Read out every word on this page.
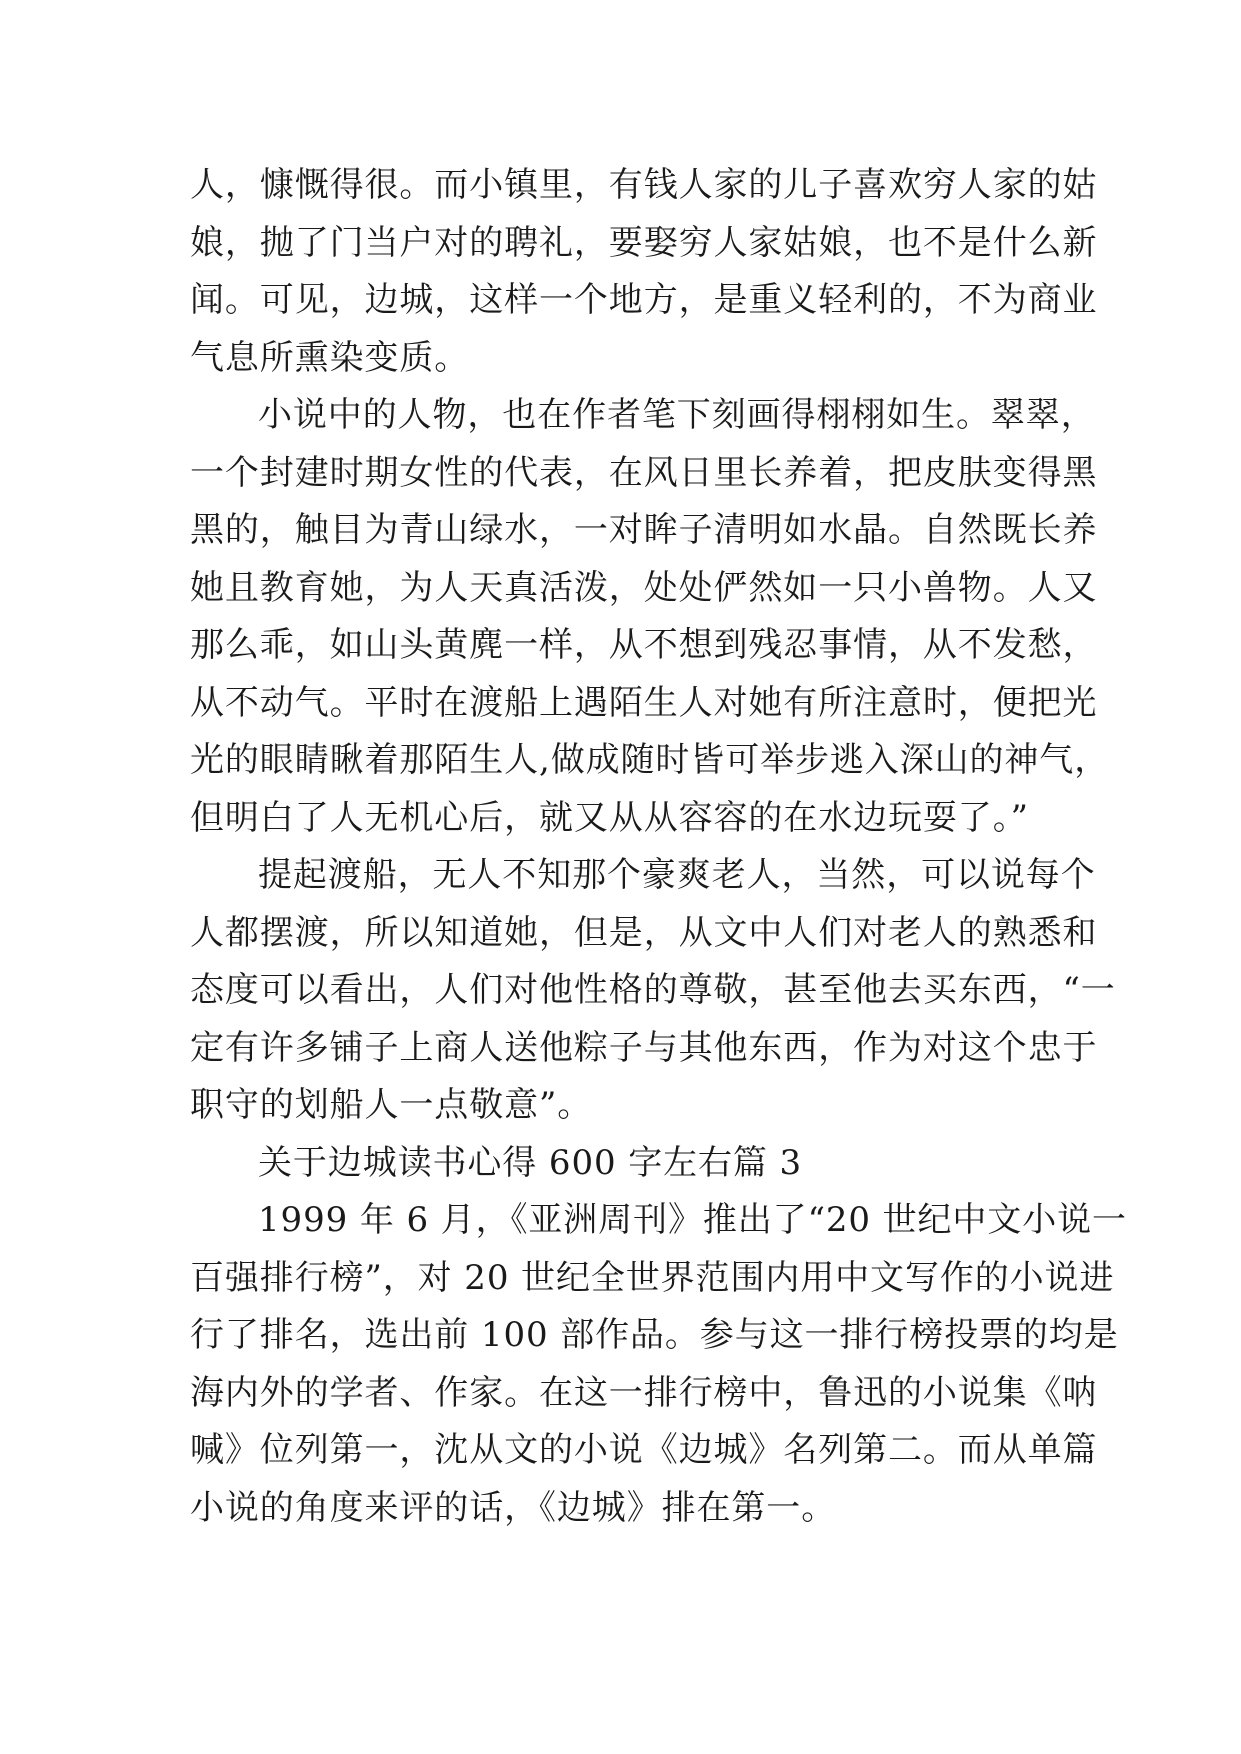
人，慷慨得很。而小镇里，有钱人家的儿子喜欢穷人家的姑
娘，抛了门当户对的聘礼，要娶穷人家姑娘，也不是什么新
闻。可见，边城，这样一个地方，是重义轻利的，不为商业
气息所熏染变质。

小说中的人物，也在作者笔下刻画得栩栩如生。翠翠，
一个封建时期女性的代表，在风日里长养着，把皮肤变得黑
黑的，触目为青山绿水，一对眸子清明如水晶。自然既长养
她且教育她，为人天真活泼，处处俨然如一只小兽物。人又
那么乖，如山头黄麂一样，从不想到残忍事情，从不发愁，
从不动气。平时在渡船上遇陌生人对她有所注意时，便把光
光的眼睛瞅着那陌生人,做成随时皆可举步逃入深山的神气，
但明白了人无机心后，就又从从容容的在水边玩耍了。”

提起渡船，无人不知那个豪爽老人，当然，可以说每个
人都摆渡，所以知道她，但是，从文中人们对老人的熟悉和
态度可以看出，人们对他性格的尊敬，甚至他去买东西，“一
定有许多铺子上商人送他粽子与其他东西，作为对这个忠于
职守的划船人一点敬意”。

关于边城读书心得 600 字左右篇 3

1999 年 6 月，《亚洲周刊》推出了“20 世纪中文小说一
百强排行榜”，对 20 世纪全世界范围内用中文写作的小说进
行了排名，选出前 100 部作品。参与这一排行榜投票的均是
海内外的学者、作家。在这一排行榜中，鲁迅的小说集《呐
喊》位列第一，沈从文的小说《边城》名列第二。而从单篇
小说的角度来评的话，《边城》排在第一。
